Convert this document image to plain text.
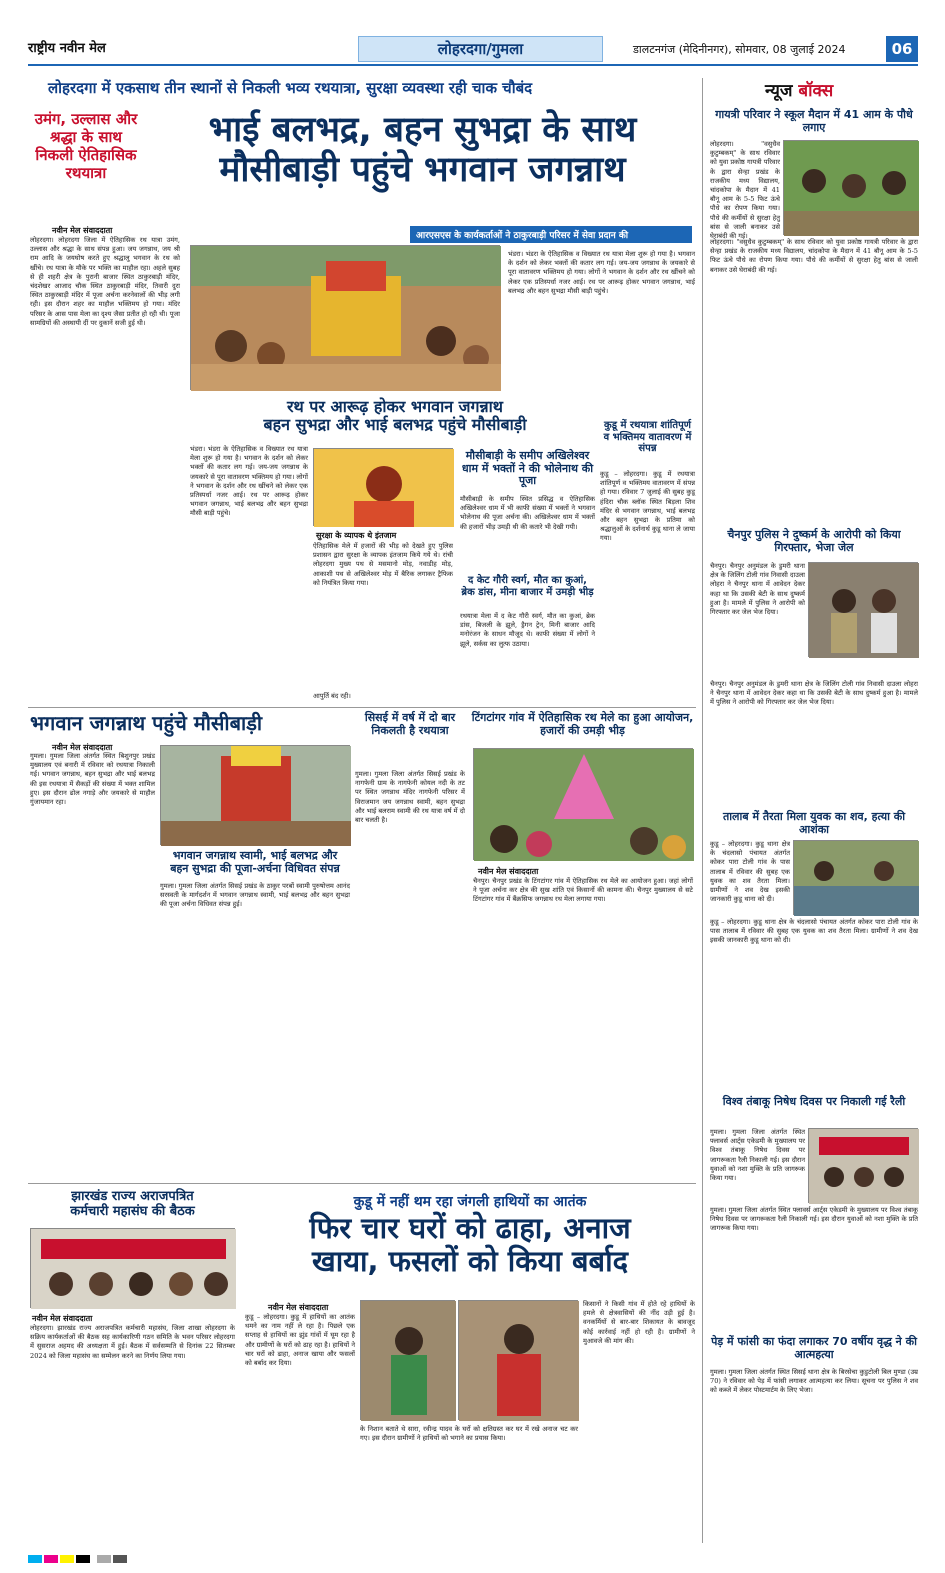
राष्ट्रीय नवीन मेल	लोहरदगा/गुमला	डालटनगंज (मेदिनीनगर), सोमवार, 08 जुलाई 2024	06
लोहरदगा में एकसाथ तीन स्थानों से निकली भव्य रथयात्रा, सुरक्षा व्यवस्था रही चाक चौबंद
उमंग, उल्लास और श्रद्धा के साथ निकली ऐतिहासिक रथयात्रा
भाई बलभद्र, बहन सुभद्रा के साथ
मौसीबाड़ी पहुंचे भगवान जगन्नाथ
नवीन मेल संवाददाता
लोहरदगा। लोहरदगा जिला में ऐतिहासिक रथ यात्रा उमंग, उल्लास और श्रद्धा के साथ संपन्न हुआ। जय जगन्नाथ, जय श्री राम आदि के जयघोष करते हुए श्रद्धालु भगवान के रथ को खींचे। रथ यात्रा के मौके पर भक्ति का माहौल रहा। अहले सुबह से ही शहरी क्षेत्र के पुरानी बाजार स्थित ठाकुरबाड़ी मंदिर, चंदशेखर आजाद चौक स्थित ठाकुरबाड़ी मंदिर, तिवारी दुरा स्थित ठाकुरबाड़ी मंदिर में पूजा अर्चना करनेवालों की भीड़ लगी रही। इस दौरान शहर का माहौल भक्तिमय हो गया। मंदिर परिसर के आस पास मेला का दृश्य जैसा प्रतीत हो रही थी। पूजा सामग्रियों की अस्थायी दीं पर दुकानें सजी हुई थी।
आरएसएस के कार्यकर्ताओं ने ठाकुरबाड़ी परिसर में सेवा प्रदान की
भंडरा। भंडरा के ऐतिहासिक व विख्यात रथ यात्रा मेला शुरू हो गया है। भगवान के दर्शन को लेकर भक्तों की कतार लग गई। जय-जय जगन्नाथ के जयकारे से पूरा वातावरण भक्तिमय हो गया। लोगों ने भगवान के दर्शन और रथ खींचने को लेकर एक प्रतिस्पर्धा नजर आई। रथ पर आरूढ़ होकर भगवान जगन्नाथ, भाई बलभद्र और बहन सुभद्रा मौसी बाड़ी पहुंचे।
रथ पर आरूढ़ होकर भगवान जगन्नाथ
बहन सुभद्रा और भाई बलभद्र पहुंचे मौसीबाड़ी
भंडरा। भंडरा के ऐतिहासिक व विख्यात रथ यात्रा मेला शुरू हो गया है। भगवान के दर्शन को लेकर भक्तों की कतार लग गई। जय-जय जगन्नाथ के जयकारे से पूरा वातावरण भक्तिमय हो गया। लोगों ने भगवान के दर्शन और रथ खींचने को लेकर एक प्रतिस्पर्धा नजर आई। रथ पर आरूढ़ होकर भगवान जगन्नाथ, भाई बलभद्र और बहन सुभद्रा मौसी बाड़ी पहुंचे।
सुरक्षा के व्यापक थे इंतजाम
ऐतिहासिक मेले में हजारों की भीड़ को देखते हुए पुलिस प्रशासन द्वारा सुरक्षा के व्यापक इंतजाम किये गये थे। रांची लोहरदगा मुख्य पथ से मसमानो मोड़, नवाडीह मोड़, आकाशी पथ से अखिलेश्वर मोड़ में बैरिक लगाकर ट्रैफिक को नियंत्रित किया गया।
आपुर्ति बंद रही।
मौसीबाड़ी के समीप अखिलेश्वर धाम में भक्तों ने की भोलेनाथ की पूजा
मौसीबाड़ी के समीप स्थित प्रसिद्ध व ऐतिहासिक अखिलेश्वर धाम में भी काफी संख्या में भक्तों ने भगवान भोलेनाथ की पूजा अर्चना की। अखिलेश्वर धाम में भक्तों की हजारों भीड़ उमड़ी थी की कतारे भी देखी गयी।
द केट गौरी स्वर्ग, मौत का कुआं, ब्रेक डांस, मीना बाजार में उमड़ी भीड़
रथयात्रा मेला में द केट गौरी स्वर्ग, मौत का कुआं, ब्रेक डांस, बिजली के झूले, ड्रैगन ट्रेन, मिनी बाजार आदि मनोरंजन के साधन मौजूद थे। काफी संख्या में लोगों ने झूले, सर्कस का लुत्फ उठाया।
कुडू में रथयात्रा शांतिपूर्ण व भक्तिमय वातावरण में संपन्न
कुडू – लोहरदगा। कुडू में रथयात्रा शांतिपूर्ण व भक्तिमय वातावरण में संपन्न हो गया। रविवार 7 जुलाई की सुबह कुडू हंदिरा चौक ब्लॉक स्थित बिड़ला शिव मंदिर से भगवान जगन्नाथ, भाई बलभद्र और बहन सुभद्रा के प्रतिमा को श्रद्धालुओं के दर्शनार्थ कुडू थाना ले जाया गया।
भगवान जगन्नाथ पहुंचे मौसीबाड़ी
नवीन मेल संवाददाता
गुमला। गुमला जिला अंतर्गत स्थित बिशुनपुर प्रखंड मुख्यालय एवं बनारी में रविवार को रथयात्रा निकाली गई। भगवान जगन्नाथ, बहन सुभद्रा और भाई बलभद्र की इस रथयात्रा में सैकड़ों की संख्या में भक्त शामिल हुए। इस दौरान ढोल नगाड़े और जयकारे से माहौल गुंजायमान रहा।
भगवान जगन्नाथ स्वामी, भाई बलभद्र और
बहन सुभद्रा की पूजा-अर्चना विधिवत संपन्न
गुमला। गुमला जिला अंतर्गत सिसई प्रखंड के ठाकुर परबों स्वामी पुरुषोत्तम आनंद सरस्वती के मार्गदर्शन में भगवान जगन्नाथ स्वामी, भाई बलभद्र और बहन सुभद्रा की पूजा अर्चना विधिवत संपन्न हुई।
सिसई में वर्ष में दो बार निकलती है रथयात्रा
गुमला। गुमला जिला अंतर्गत सिसई प्रखंड के नागफेनी ग्राम के नागफेनी कोयल नदी के तट पर स्थित जगन्नाथ मंदिर नागफेनी परिसर में विराजमान जय जगन्नाथ स्वामी, बहन सुभद्रा और भाई बलराम स्वामी की रथ यात्रा वर्ष में दो बार चलती है।
टिंगटांगर गांव में ऐतिहासिक रथ मेले का हुआ आयोजन, हजारों की उमड़ी भीड़
नवीन मेल संवाददाता
चैनपुर। चैनपुर प्रखंड के टिंगटांगर गांव में ऐतिहासिक रथ मेले का आयोजन हुआ। जहां लोगों ने पूजा अर्चना कर क्षेत्र की सुख शांति एवं किसानों की कामना की। चैनपुर मुख्यालय से सटे टिंगटांगर गांव में बैंक्रसिफ जगन्नाथ रथ मेला लगाया गया।
झारखंड राज्य अराजपत्रित
कर्मचारी महासंघ की बैठक
नवीन मेल संवाददाता
लोहरदगा। झारखंड राज्य अराजपत्रित कर्मचारी महासंघ, जिला शाखा लोहरदगा के सक्रिय कार्यकर्ताओं की बैठक सह कार्यकारिणी गठन समिति के भवन परिसर लोहरदगा में सुसराज अहमद की अध्यक्षता में हुई। बैठक में सर्वसम्मति से दिनांक 22 सितम्बर 2024 को जिला महासंघ का सम्मेलन करने का निर्णय लिया गया।
कुडू में नहीं थम रहा जंगली हाथियों का आतंक
फिर चार घरों को ढाहा, अनाज
खाया, फसलों को किया बर्बाद
नवीन मेल संवाददाता
कुडू – लोहरदगा। कुडू में हाथियों का आतंक थमने का नाम नहीं ले रहा है। पिछले एक सप्ताह से हाथियों का झुंड गांवों में घूम रहा है और ग्रामीणों के घरों को ढाह रहा है। हाथियों ने चार घरों को ढाहा, अनाज खाया और फसलों को बर्बाद कर दिया।
के निशान बताते थे सारा, रवीन्द्र यादव के घरों को क्षतिग्रस्त कर घर में रखे अनाज चट कर गए। इस दौरान ग्रामीणों ने हाथियों को भगाने का प्रयास किया।
किसानों ने किसी गांव में होते रहे हाथियों के हमले से क्षेत्रवासियों की नींद उड़ी हुई है। वनकर्मियों से बार-बार शिकायत के बावजूद कोई कार्रवाई नहीं हो रही है। ग्रामीणों ने मुआवजे की मांग की।
न्यूज बॉक्स
गायत्री परिवार ने स्कूल मैदान में 41 आम के पौधे लगाए
लोहरदगा। "वसुधैव कुटुम्बकम्" के साथ रविवार को युवा प्रकोष्ठ गायत्री परिवार के द्वारा सेन्हा प्रखंड के राजकीय मध्य विद्यालय, चांदकोपा के मैदान में 41 बौनू आम के 5-5 फिट ऊंचे पौधे का रोपण किया गया। पौधे की कर्मीयों से सुरक्षा हेतु बांस से जाली बनाकर उसे घेराबंदी की गई।
लोहरदगा। "वसुधैव कुटुम्बकम्" के साथ रविवार को युवा प्रकोष्ठ गायत्री परिवार के द्वारा सेन्हा प्रखंड के राजकीय मध्य विद्यालय, चांदकोपा के मैदान में 41 बौनू आम के 5-5 फिट ऊंचे पौधे का रोपण किया गया। पौधे की कर्मीयों से सुरक्षा हेतु बांस से जाली बनाकर उसे घेराबंदी की गई।
चैनपुर पुलिस ने दुष्कर्म के आरोपी को किया गिरफ्तार, भेजा जेल
चैनपुर। चैनपुर अनुमंडल के डुमरी थाना क्षेत्र के जिलिंग टोली गांव निवासी दाउला लोहरा ने चैनपुर थाना में आवेदन देकर कहा था कि उसकी बेटी के साथ दुष्कर्म हुआ है। मामले में पुलिस ने आरोपी को गिरफ्तार कर जेल भेज दिया।
चैनपुर। चैनपुर अनुमंडल के डुमरी थाना क्षेत्र के जिलिंग टोली गांव निवासी दाउला लोहरा ने चैनपुर थाना में आवेदन देकर कहा था कि उसकी बेटी के साथ दुष्कर्म हुआ है। मामले में पुलिस ने आरोपी को गिरफ्तार कर जेल भेज दिया।
तालाब में तैरता मिला युवक का शव, हत्या की आशंका
कुडू – लोहरदगा। कुडू थाना क्षेत्र के चंदलासो पंचायत अंतर्गत कोकर पारा टोली गांव के पास तालाब में रविवार की सुबह एक युवक का शव तैरता मिला। ग्रामीणों ने शव देख इसकी जानकारी कुडू थाना को दी।
कुडू – लोहरदगा। कुडू थाना क्षेत्र के चंदलासो पंचायत अंतर्गत कोकर पारा टोली गांव के पास तालाब में रविवार की सुबह एक युवक का शव तैरता मिला। ग्रामीणों ने शव देख इसकी जानकारी कुडू थाना को दी।
विश्व तंबाकू निषेध दिवस पर निकाली गई रैली
गुमला। गुमला जिला अंतर्गत स्थित फ्लावर्स आर्ट्स एकेडमी के मुख्यालय पर विश्व तंबाकू निषेध दिवस पर जागरूकता रैली निकाली गई। इस दौरान युवाओं को नशा मुक्ति के प्रति जागरूक किया गया।
गुमला। गुमला जिला अंतर्गत स्थित फ्लावर्स आर्ट्स एकेडमी के मुख्यालय पर विश्व तंबाकू निषेध दिवस पर जागरूकता रैली निकाली गई। इस दौरान युवाओं को नशा मुक्ति के प्रति जागरूक किया गया।
पेड़ में फांसी का फंदा लगाकर 70 वर्षीय वृद्ध ने की आत्महत्या
गुमला। गुमला जिला अंतर्गत स्थित सिसई थाना क्षेत्र के बिरसेचा कुडुटोली बिल मुण्डा (उम्र 70) ने रविवार को पेड़ में फांसी लगाकर आत्महत्या कर लिया। सूचना पर पुलिस ने शव को कब्जे में लेकर पोस्टमार्टम के लिए भेजा।
